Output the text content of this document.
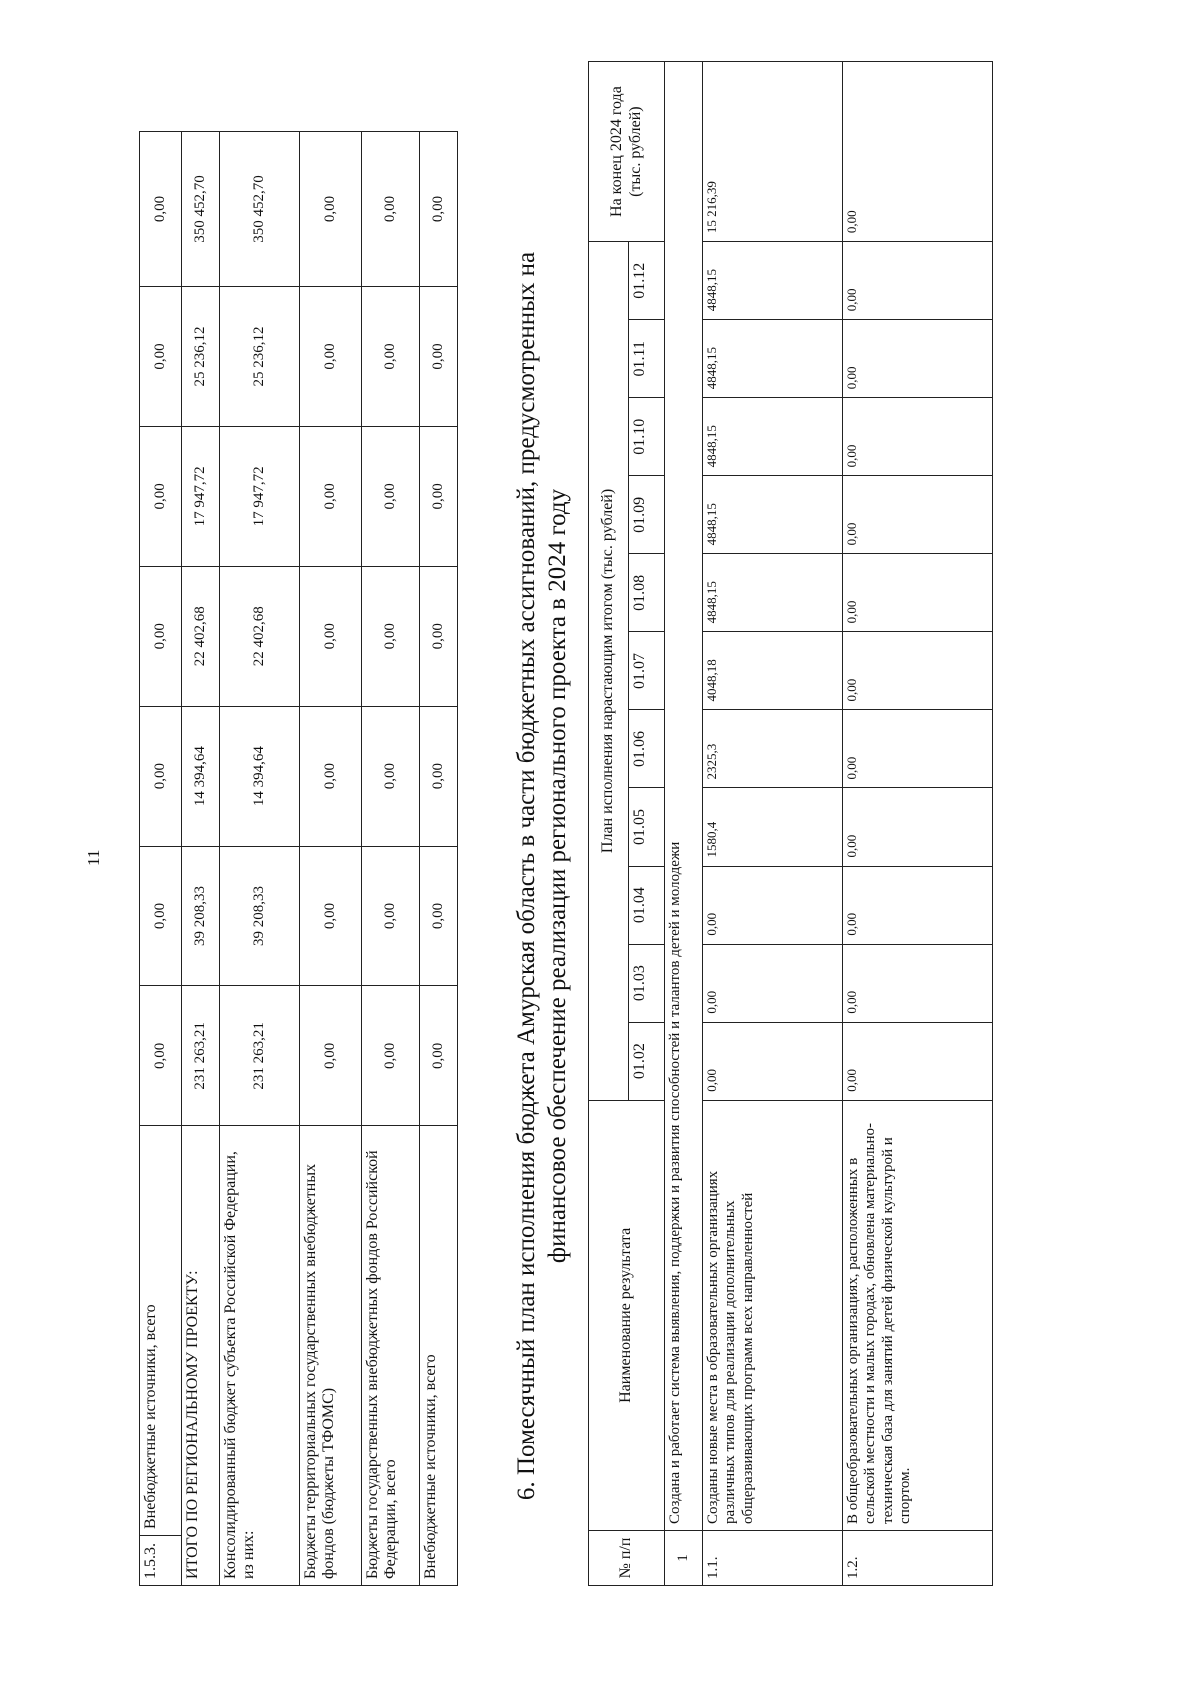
11
1.5.3.	Внебюджетные источники, всего	0,00	0,00	0,00	0,00	0,00	0,00	0,00
ИТОГО ПО РЕГИОНАЛЬНОМУ ПРОЕКТУ:		231 263,21	39 208,33	14 394,64	22 402,68	17 947,72	25 236,12	350 452,70
Консолидированный бюджет субъекта Российской Федерации, из них:		231 263,21	39 208,33	14 394,64	22 402,68	17 947,72	25 236,12	350 452,70
Бюджеты территориальных государственных внебюджетных фондов (бюджеты ТФОМС)		0,00	0,00	0,00	0,00	0,00	0,00	0,00
Бюджеты государственных внебюджетных фондов Российской Федерации, всего		0,00	0,00	0,00	0,00	0,00	0,00	0,00
Внебюджетные источники, всего		0,00	0,00	0,00	0,00	0,00	0,00	0,00
6. Помесячный план исполнения бюджета Амурская область в части бюджетных ассигнований, предусмотренных на финансовое обеспечение реализации регионального проекта в 2024 году
№ п/п	Наименование результата	План исполнения нарастающим итогом (тыс. рублей)											На конец 2024 года (тыс. рублей)
		01.02	01.03	01.04	01.05	01.06	01.07	01.08	01.09	01.10	01.11	01.12	
1	Создана и работает система выявления, поддержки и развития способностей и талантов детей и молодежи												
1.1.	Созданы новые места в образовательных организациях различных типов для реализации дополнительных общеразвивающих программ всех направленностей	0,00	0,00	0,00	1580,4	2325,3	4048,18	4848,15	4848,15	4848,15	4848,15	4848,15	15 216,39
1.2.	В общеобразовательных организациях, расположенных в сельской местности и малых городах, обновлена материально-техническая база для занятий детей физической культурой и спортом.	0,00	0,00	0,00	0,00	0,00	0,00	0,00	0,00	0,00	0,00	0,00	0,00
